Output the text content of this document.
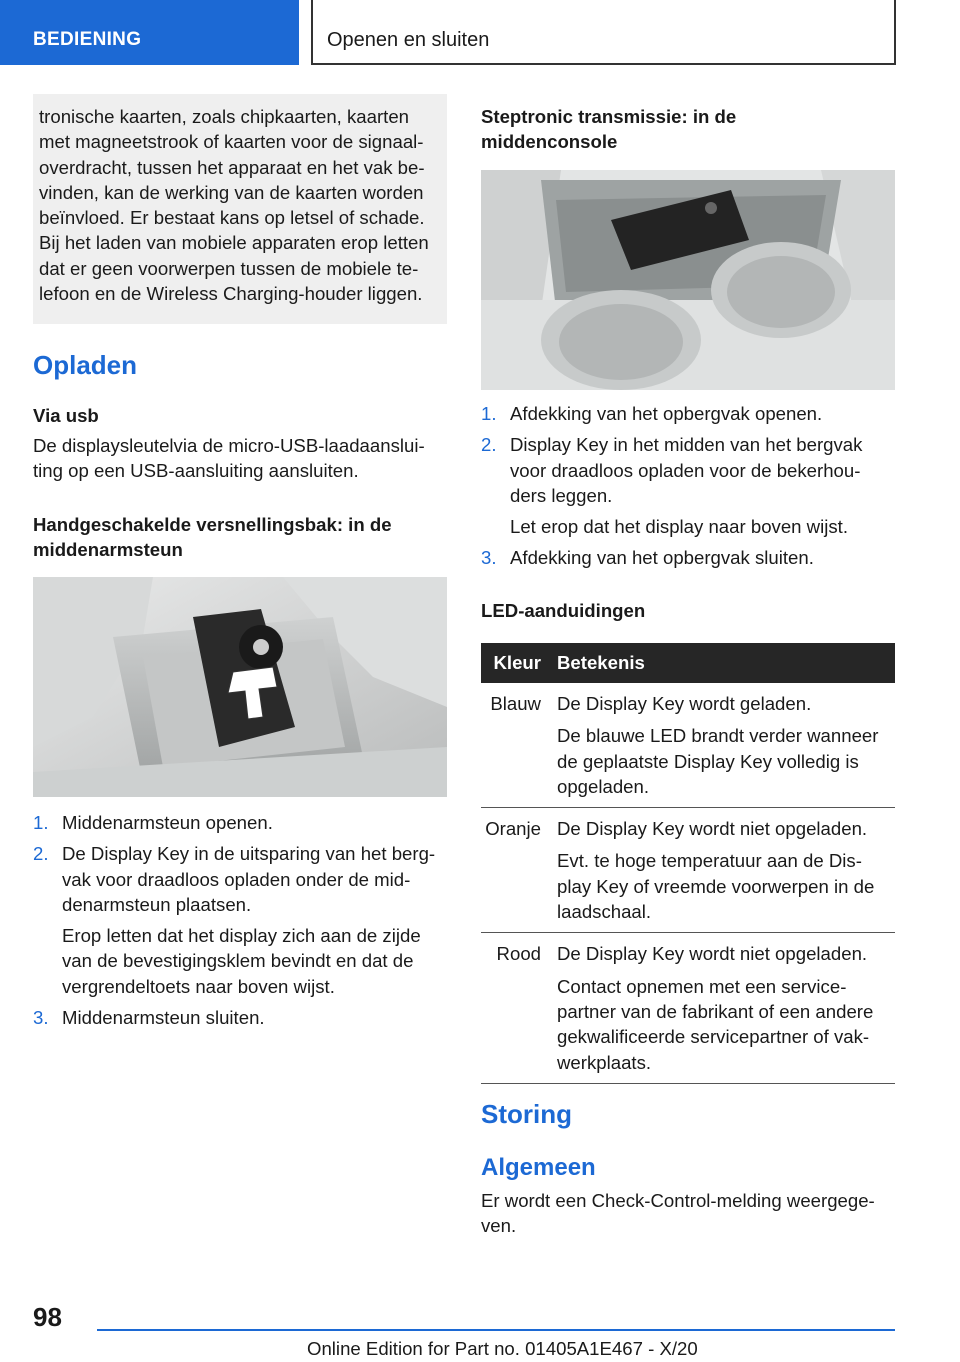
BEDIENING	Openen en sluiten

tronische kaarten, zoals chipkaarten, kaarten

met magneetstrook of kaarten voor de signaal-

overdracht, tussen het apparaat en het vak be-

vinden, kan de werking van de kaarten worden

beïnvloed. Er bestaat kans op letsel of schade.

Bij het laden van mobiele apparaten erop letten

dat er geen voorwerpen tussen de mobiele te-

lefoon en de Wireless Charging-houder liggen.

Opladen
Via usb
De displaysleutelvia de micro-USB-laadaanslui-
ting op een USB-aansluiting aansluiten.
Handgeschakelde versnellingsbak: in de
middenarmsteun
1. Middenarmsteun openen.
2. De Display Key in de uitsparing van het berg-
vak voor draadloos opladen onder de mid-
denarmsteun plaatsen.
Erop letten dat het display zich aan de zijde
van de bevestigingsklem bevindt en dat de
vergrendeltoets naar boven wijst.
3. Middenarmsteun sluiten.
Steptronic transmissie: in de
middenconsole
1. Afdekking van het opbergvak openen.
2. Display Key in het midden van het bergvak
voor draadloos opladen voor de bekerhou-
ders leggen.
Let erop dat het display naar boven wijst.
3. Afdekking van het opbergvak sluiten.
LED-aanduidingen
Kleur	Betekenis
Blauw	De Display Key wordt geladen.
De blauwe LED brandt verder wanneer
de geplaatste Display Key volledig is
opgeladen.

Oranje	De Display Key wordt niet opgeladen.
Evt. te hoge temperatuur aan de Dis-
play Key of vreemde voorwerpen in de
laadschaal.

Rood	De Display Key wordt niet opgeladen.
Contact opnemen met een service-
partner van de fabrikant of een andere
gekwalificeerde servicepartner of vak-
werkplaats.
Storing
Algemeen
Er wordt een Check-Control-melding weergege-
ven.
98
Online Edition for Part no. 01405A1E467 - X/20
